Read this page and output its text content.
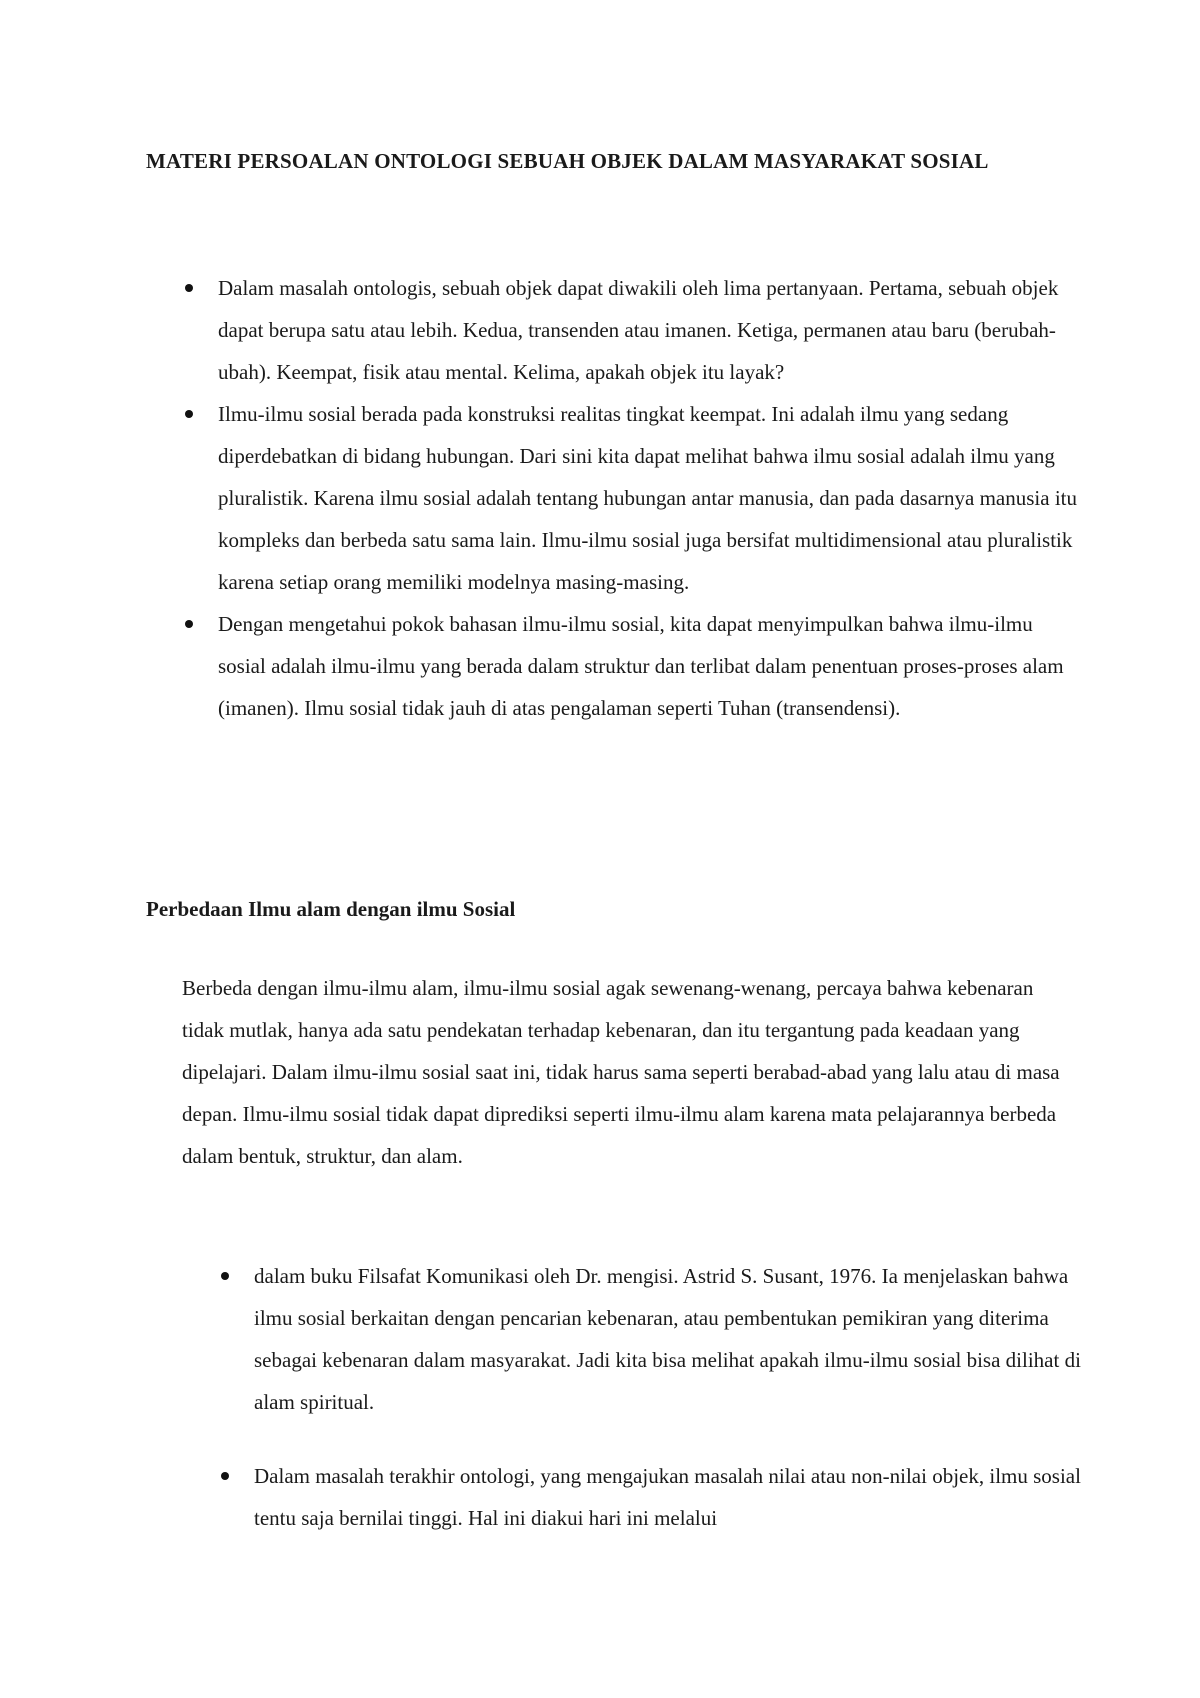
MATERI PERSOALAN ONTOLOGI SEBUAH OBJEK DALAM MASYARAKAT SOSIAL
Dalam masalah ontologis, sebuah objek dapat diwakili oleh lima pertanyaan. Pertama, sebuah objek dapat berupa satu atau lebih. Kedua, transenden atau imanen. Ketiga, permanen atau baru (berubah-ubah). Keempat, fisik atau mental. Kelima, apakah objek itu layak?
Ilmu-ilmu sosial berada pada konstruksi realitas tingkat keempat. Ini adalah ilmu yang sedang diperdebatkan di bidang hubungan. Dari sini kita dapat melihat bahwa ilmu sosial adalah ilmu yang pluralistik. Karena ilmu sosial adalah tentang hubungan antar manusia, dan pada dasarnya manusia itu kompleks dan berbeda satu sama lain. Ilmu-ilmu sosial juga bersifat multidimensional atau pluralistik karena setiap orang memiliki modelnya masing-masing.
Dengan mengetahui pokok bahasan ilmu-ilmu sosial, kita dapat menyimpulkan bahwa ilmu-ilmu sosial adalah ilmu-ilmu yang berada dalam struktur dan terlibat dalam penentuan proses-proses alam (imanen). Ilmu sosial tidak jauh di atas pengalaman seperti Tuhan (transendensi).
Perbedaan Ilmu alam dengan ilmu Sosial

Berbeda dengan ilmu-ilmu alam, ilmu-ilmu sosial agak sewenang-wenang, percaya bahwa kebenaran tidak mutlak, hanya ada satu pendekatan terhadap kebenaran, dan itu tergantung pada keadaan yang dipelajari. Dalam ilmu-ilmu sosial saat ini, tidak harus sama seperti berabad-abad yang lalu atau di masa depan. Ilmu-ilmu sosial tidak dapat diprediksi seperti ilmu-ilmu alam karena mata pelajarannya berbeda dalam bentuk, struktur, dan alam.

dalam buku Filsafat Komunikasi oleh Dr. mengisi. Astrid S. Susant, 1976. Ia menjelaskan bahwa ilmu sosial berkaitan dengan pencarian kebenaran, atau pembentukan pemikiran yang diterima sebagai kebenaran dalam masyarakat. Jadi kita bisa melihat apakah ilmu-ilmu sosial bisa dilihat di alam spiritual.
Dalam masalah terakhir ontologi, yang mengajukan masalah nilai atau non-nilai objek, ilmu sosial tentu saja bernilai tinggi. Hal ini diakui hari ini melalui
